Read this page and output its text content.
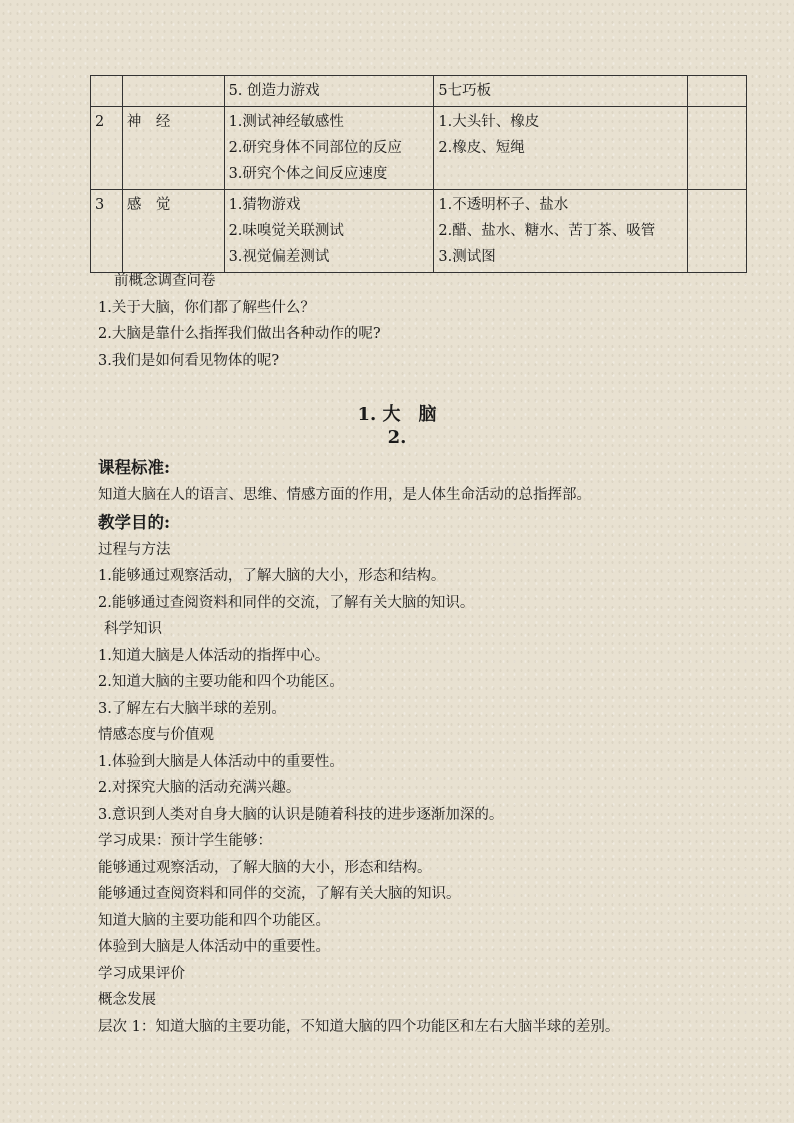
		5. 创造力游戏	5七巧板	

2	神　经	1.测试神经敏感性
2.研究身体不同部位的反应
3.研究个体之间反应速度	1.大头针、橡皮
2.橡皮、短绳	

3	感　觉	1.猜物游戏
2.味嗅觉关联测试
3.视觉偏差测试	1.不透明杯子、盐水
2.醋、盐水、糖水、苦丁茶、吸管
3.测试图	

前概念调查问卷
1.关于大脑，你们都了解些什么？
2.大脑是靠什么指挥我们做出各种动作的呢?
3.我们是如何看见物体的呢?
1. 大　脑
2.
课程标准:
知道大脑在人的语言、思维、情感方面的作用，是人体生命活动的总指挥部。
教学目的:
过程与方法
1.能够通过观察活动，了解大脑的大小，形态和结构。
2.能够通过查阅资料和同伴的交流，了解有关大脑的知识。
科学知识
1.知道大脑是人体活动的指挥中心。
2.知道大脑的主要功能和四个功能区。
3.了解左右大脑半球的差别。
情感态度与价值观
1.体验到大脑是人体活动中的重要性。
2.对探究大脑的活动充满兴趣。
3.意识到人类对自身大脑的认识是随着科技的进步逐渐加深的。
学习成果：预计学生能够：
能够通过观察活动，了解大脑的大小，形态和结构。
能够通过查阅资料和同伴的交流，了解有关大脑的知识。
知道大脑的主要功能和四个功能区。
体验到大脑是人体活动中的重要性。
学习成果评价
概念发展
层次 1：知道大脑的主要功能，不知道大脑的四个功能区和左右大脑半球的差别。
